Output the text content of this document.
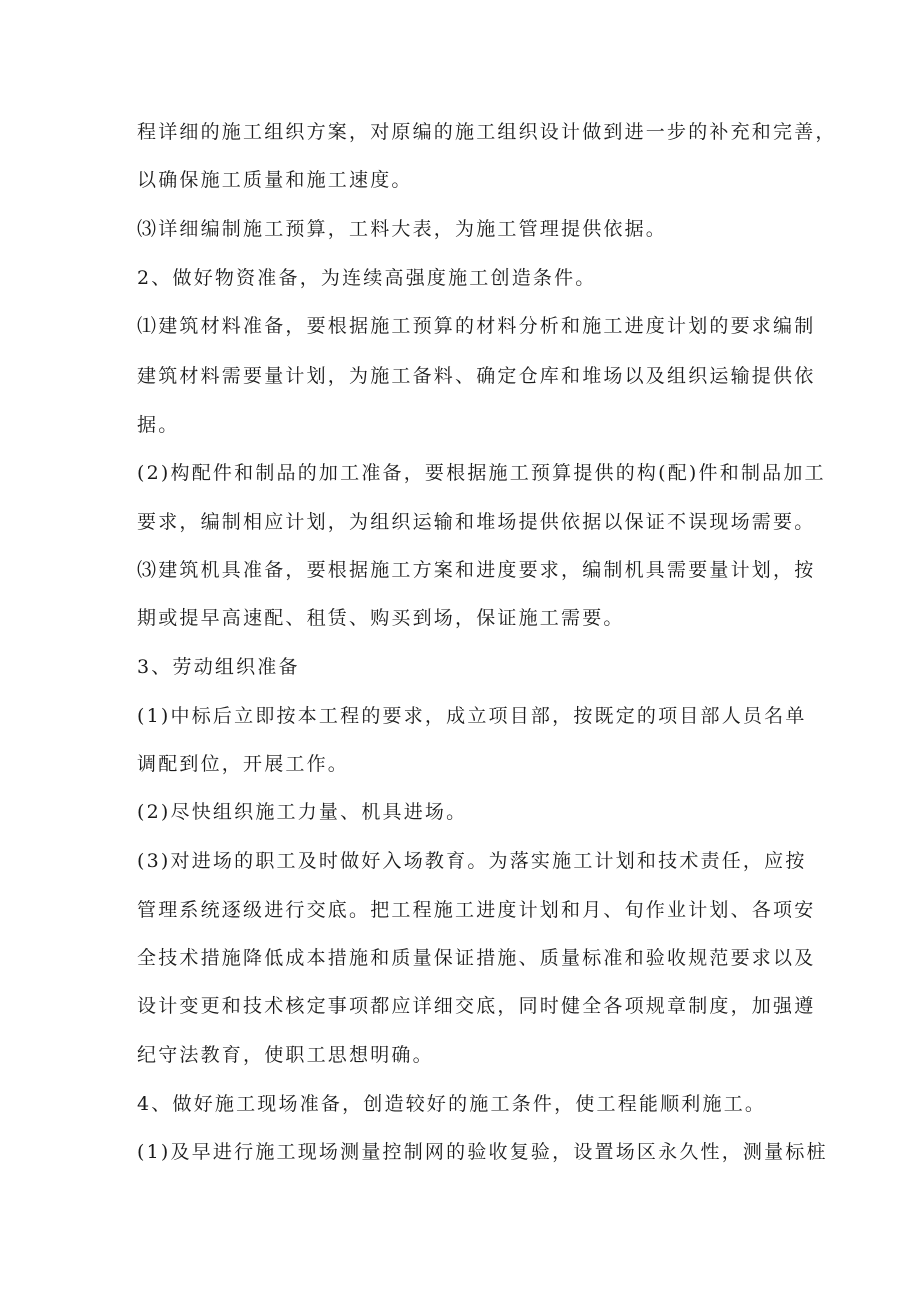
程详细的施工组织方案，对原编的施工组织设计做到进一步的补充和完善，

以确保施工质量和施工速度。

⑶详细编制施工预算，工料大表，为施工管理提供依据。

2、做好物资准备，为连续高强度施工创造条件。

⑴建筑材料准备，要根据施工预算的材料分析和施工进度计划的要求编制

建筑材料需要量计划，为施工备料、确定仓库和堆场以及组织运输提供依

据。

(2)构配件和制品的加工准备，要根据施工预算提供的构(配)件和制品加工

要求，编制相应计划，为组织运输和堆场提供依据以保证不误现场需要。

⑶建筑机具准备，要根据施工方案和进度要求，编制机具需要量计划，按

期或提早高速配、租赁、购买到场，保证施工需要。

3、劳动组织准备

(1)中标后立即按本工程的要求，成立项目部，按既定的项目部人员名单

调配到位，开展工作。

(2)尽快组织施工力量、机具进场。

(3)对进场的职工及时做好入场教育。为落实施工计划和技术责任，应按

管理系统逐级进行交底。把工程施工进度计划和月、旬作业计划、各项安

全技术措施降低成本措施和质量保证措施、质量标准和验收规范要求以及

设计变更和技术核定事项都应详细交底，同时健全各项规章制度，加强遵

纪守法教育，使职工思想明确。

4、做好施工现场准备，创造较好的施工条件，使工程能顺利施工。

(1)及早进行施工现场测量控制网的验收复验，设置场区永久性，测量标桩
